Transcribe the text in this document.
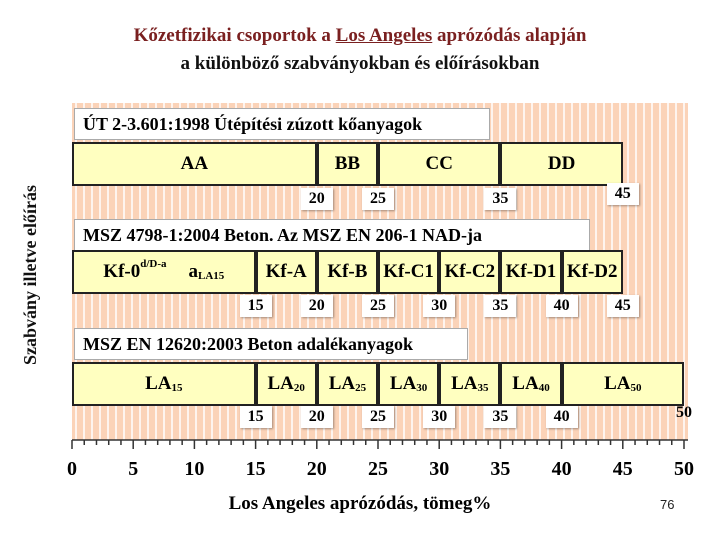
Kőzetfizikai csoportok a Los Angeles aprózódás alapján
a különböző szabványokban és előírásokban
0	5	10	15	20	25	30	35	40	45	50
ÚT 2-3.601:1998 Útépítési zúzott kőanyagok
AA	BB	CC	DD
20	25	35	45
MSZ 4798-1:2004 Beton. Az MSZ EN 206-1 NAD-ja
$Kf-0^{d/D-a}$ $a_{LA15}$ Kf-A Kf-B Kf-C1 Kf-C2 Kf-D1 Kf-D2
15	20	25	30	35	40	45
MSZ EN 12620:2003 Beton adalékanyagok
$LA_{15}$	$LA_{20}$ $LA_{25}$ $LA_{30}$ $LA_{35}$ $LA_{40}$	$LA_{50}$
15	20	25	30	35	40	50
Szabvány illetve előírás
Los Angeles aprózódás, tömeg%	76
